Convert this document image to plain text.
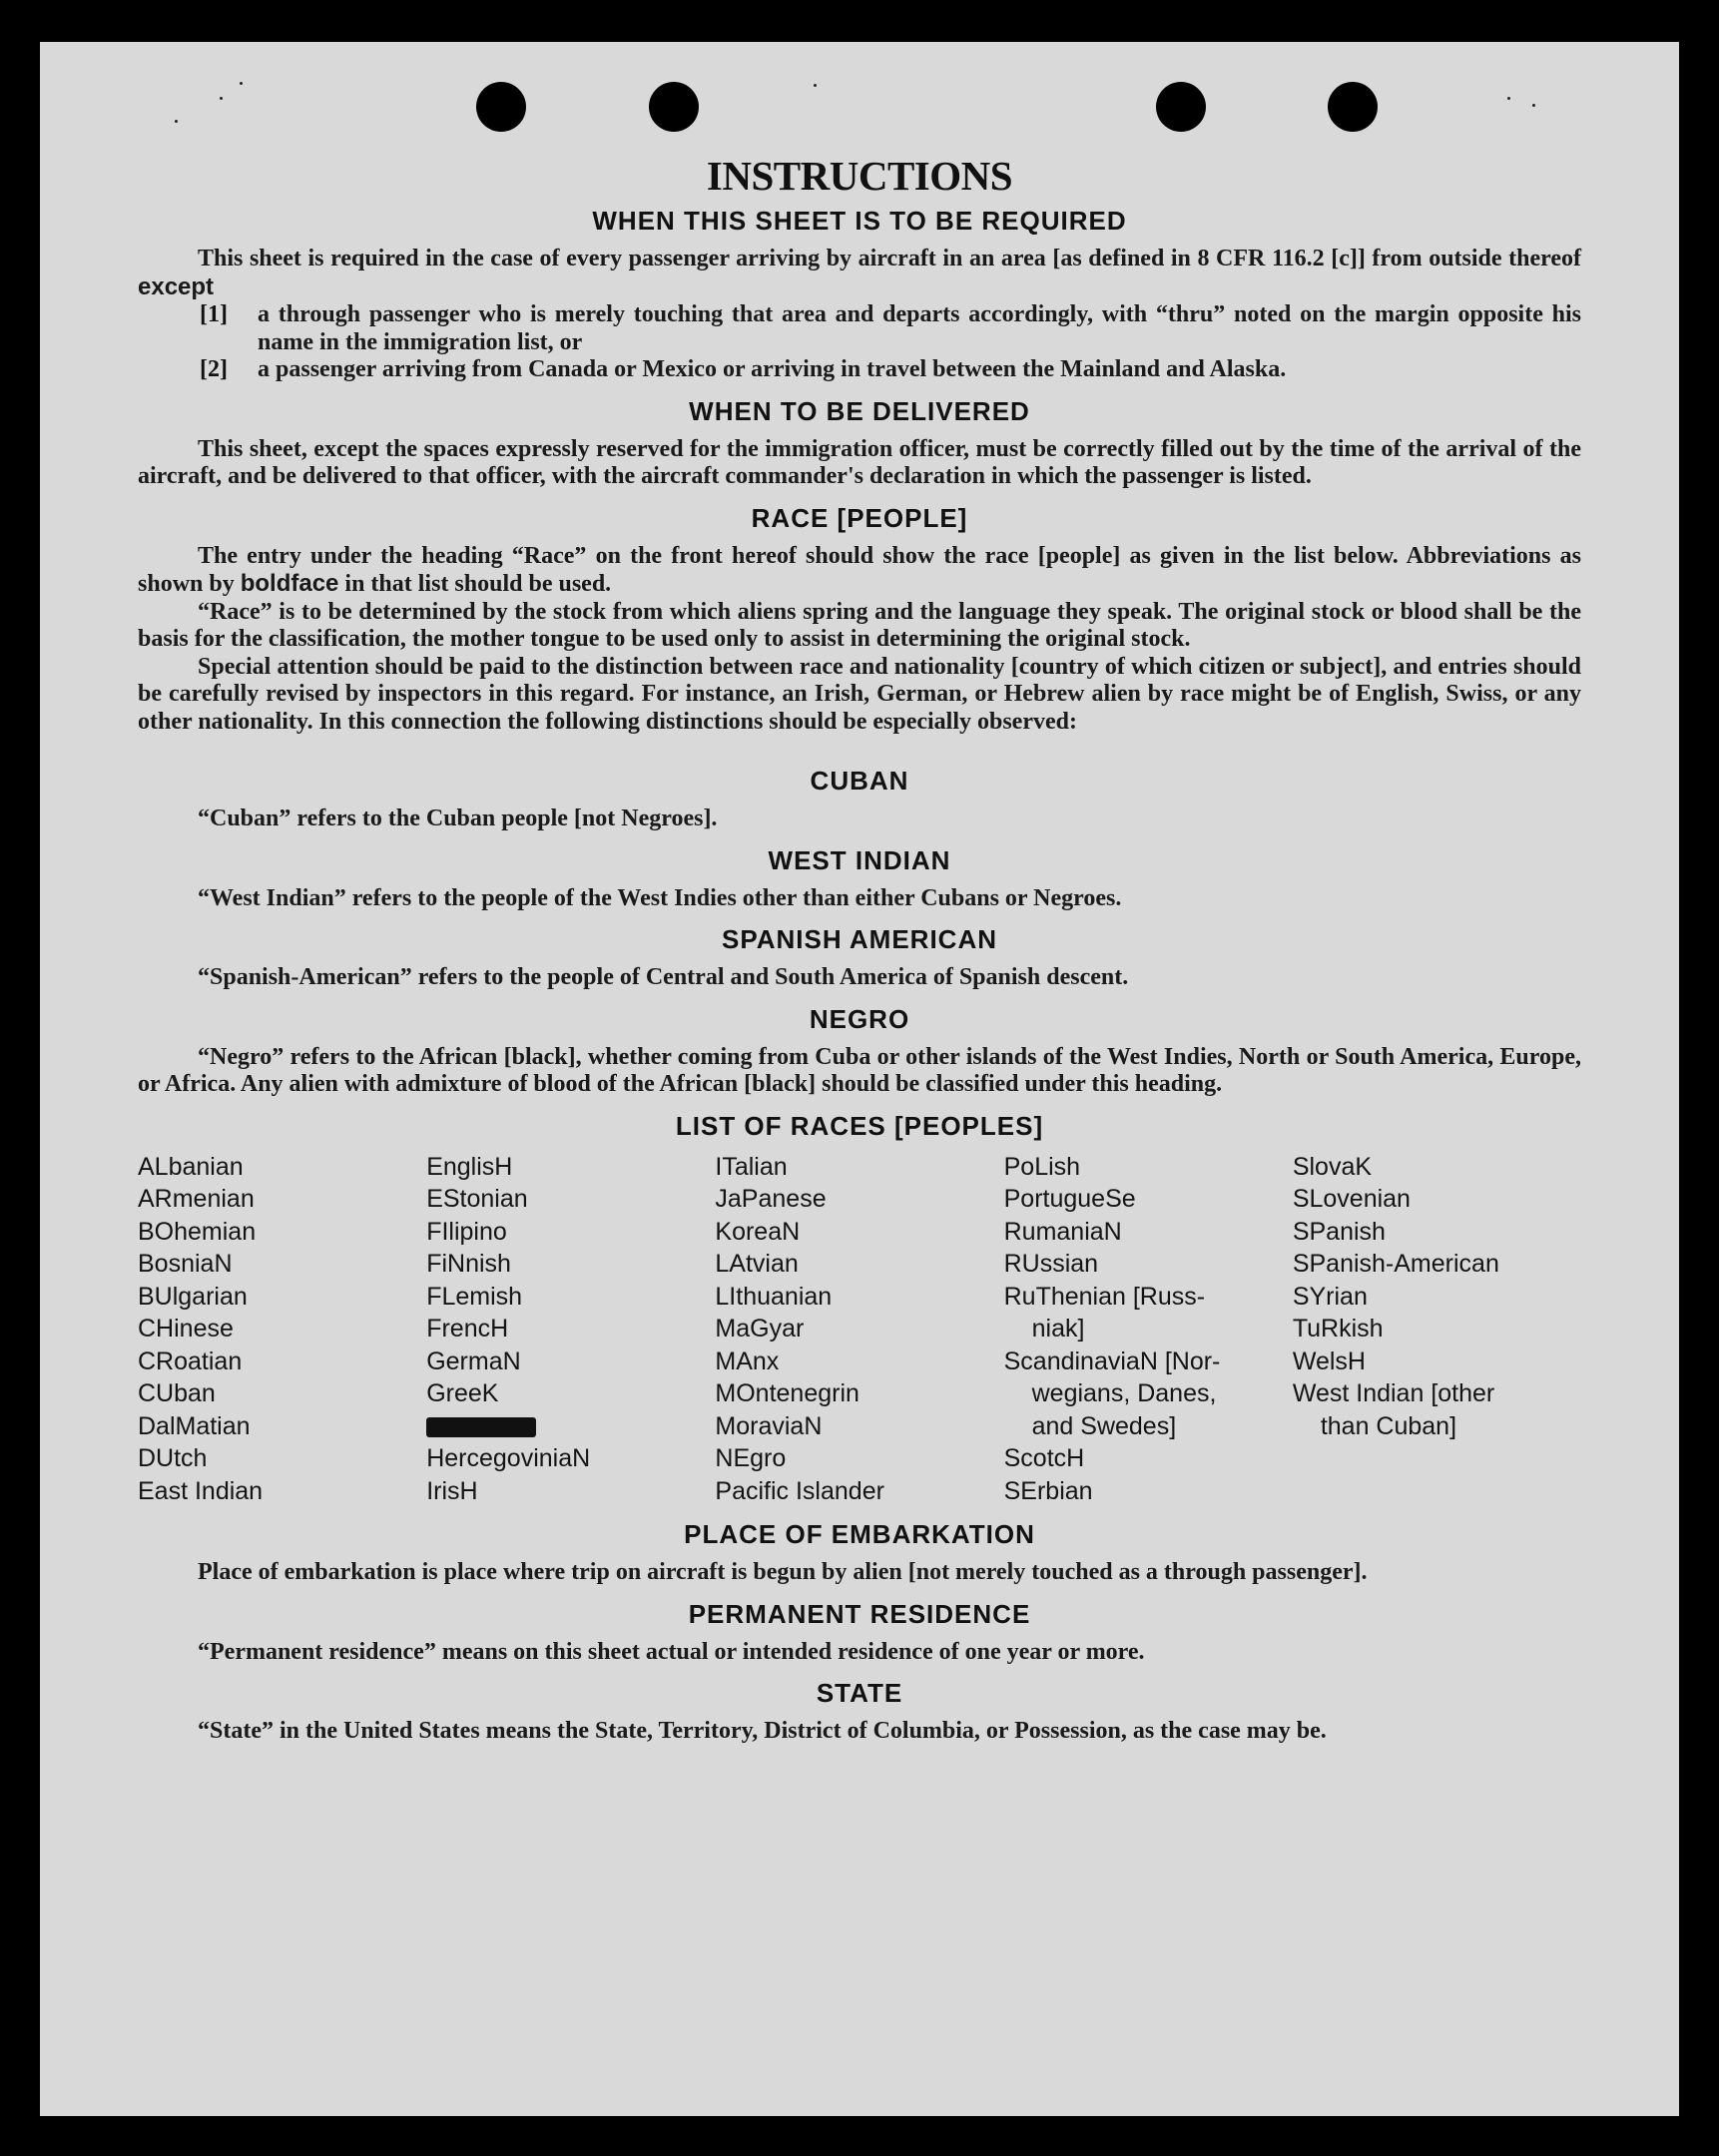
INSTRUCTIONS
WHEN THIS SHEET IS TO BE REQUIRED

This sheet is required in the case of every passenger arriving by aircraft in an area [as defined in 8 CFR 116.2 [c]] from outside thereof except

[1] a through passenger who is merely touching that area and departs accordingly, with “thru” noted on the margin opposite his name in the immigration list, or

[2] a passenger arriving from Canada or Mexico or arriving in travel between the Mainland and Alaska.

WHEN TO BE DELIVERED

This sheet, except the spaces expressly reserved for the immigration officer, must be correctly filled out by the time of the arrival of the aircraft, and be delivered to that officer, with the aircraft commander's declaration in which the passenger is listed.

RACE [PEOPLE]

The entry under the heading “Race” on the front hereof should show the race [people] as given in the list below. Abbreviations as shown by boldface in that list should be used.

“Race” is to be determined by the stock from which aliens spring and the language they speak. The original stock or blood shall be the basis for the classification, the mother tongue to be used only to assist in determining the original stock.

Special attention should be paid to the distinction between race and nationality [country of which citizen or subject], and entries should be carefully revised by inspectors in this regard. For instance, an Irish, German, or Hebrew alien by race might be of English, Swiss, or any other nationality. In this connection the following distinctions should be especially observed:

CUBAN

“Cuban” refers to the Cuban people [not Negroes].

WEST INDIAN

“West Indian” refers to the people of the West Indies other than either Cubans or Negroes.

SPANISH AMERICAN

“Spanish-American” refers to the people of Central and South America of Spanish descent.

NEGRO

“Negro” refers to the African [black], whether coming from Cuba or other islands of the West Indies, North or South America, Europe, or Africa. Any alien with admixture of blood of the African [black] should be classified under this heading.

LIST OF RACES [PEOPLES]
ALbanian
ARmenian
BOhemian
BosniaN
BUlgarian
CHinese
CRoatian
CUban
DalMatian
DUtch
East Indian
EnglisH
EStonian
FIlipino
FiNnish
FLemish
FrencH
GermaN
GreeK
HercegoviniaN
IrisH
ITalian
JaPanese
KoreaN
LAtvian
LIthuanian
MaGyar
MAnx
MOntenegrin
MoraviaN
NEgro
Pacific Islander
PoLish
PortugueSe
RumaniaN
RUssian
RuThenian [Russ-
niak]
ScandinaviaN [Nor-
wegians, Danes,
and Swedes]
ScotcH
SErbian
SlovaK
SLovenian
SPanish
SPanish-American
SYrian
TuRkish
WelsH
West Indian [other
than Cuban]
PLACE OF EMBARKATION

Place of embarkation is place where trip on aircraft is begun by alien [not merely touched as a through passenger].

PERMANENT RESIDENCE

“Permanent residence” means on this sheet actual or intended residence of one year or more.

STATE

“State” in the United States means the State, Territory, District of Columbia, or Possession, as the case may be.
